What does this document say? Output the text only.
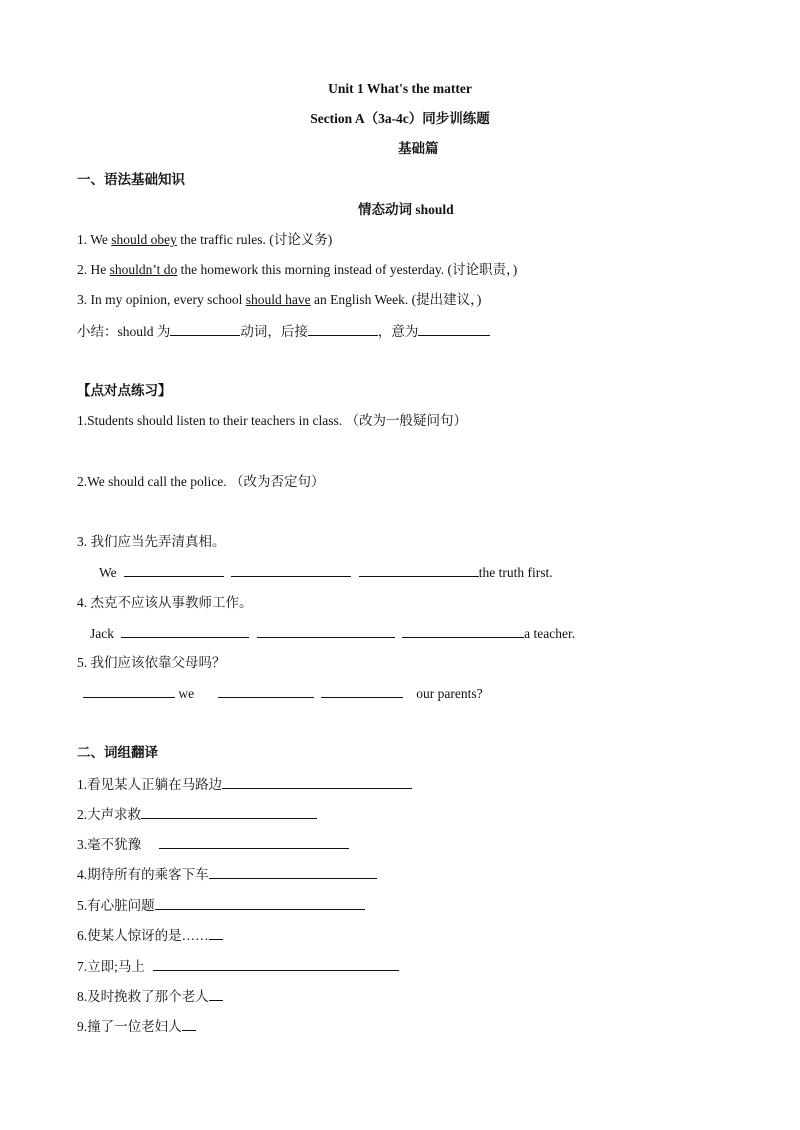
Unit 1 What's the matter
Section A（3a-4c）同步训练题
基础篇
一、语法基础知识
情态动词 should
1. We should obey the traffic rules. (讨论义务)
2. He shouldn’t do the homework this morning instead of yesterday. (讨论职责，)
3. In my opinion, every school should have an English Week. (提出建议，)
小结：should 为	动词，后接	，意为
【点对点练习】
1.Students should listen to their teachers in class. （改为一般疑问句）
2.We should call the police. （改为否定句）
3. 我们应当先弄清真相。
We	the truth first.
4. 杰克不应该从事教师工作。
Jack	a teacher.
5. 我们应该依靠父母吗？
we	our parents?
二、词组翻译
1.看见某人正躺在马路边
2.大声求救
3.毫不犹豫
4.期待所有的乘客下车
5.有心脏问题
6.使某人惊讶的是……
7.立即;马上
8.及时挽救了那个老人
9.撞了一位老妇人
